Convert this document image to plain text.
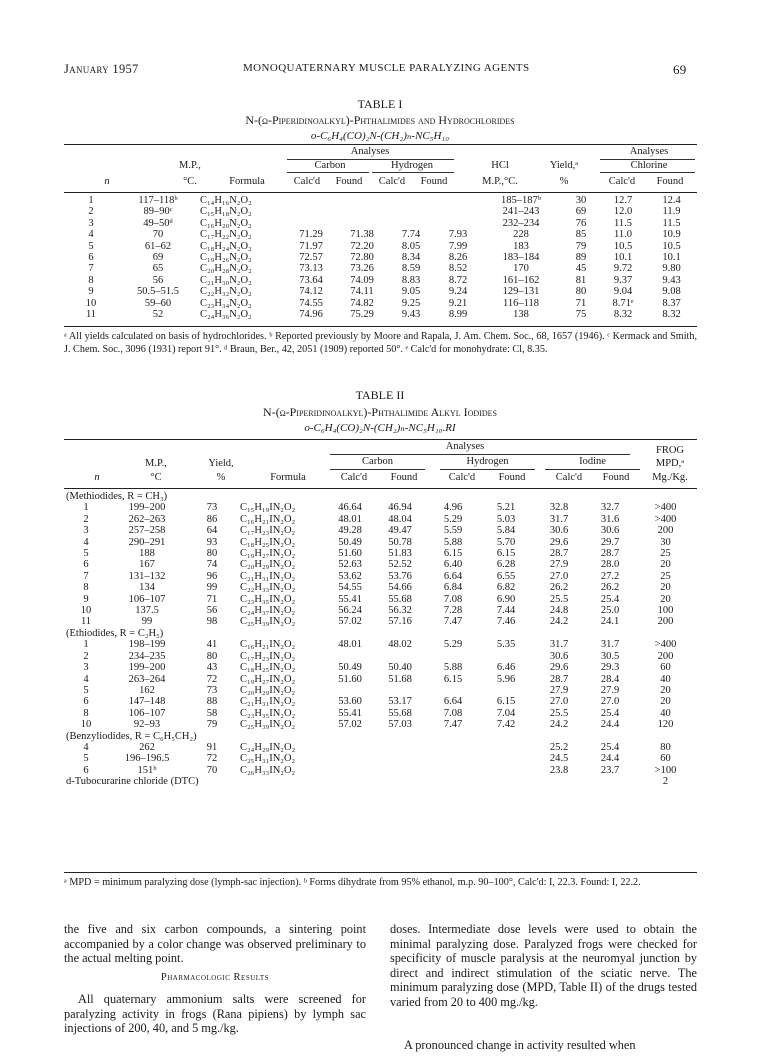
January 1957	MONOQUATERNARY MUSCLE PARALYZING AGENTS	69
TABLE I
N-(ω-Piperidinoalkyl)-Phthalimides and Hydrochlorides
o-C₆H₄(CO)₂N-(CH₂)ₙ-NC₅H₁₀
Analyses	Analyses
M.P.,	Carbon	Hydrogen	HCl	Yield,ᵃ	Chlorine
n	°C.	Formula	Calc'd	Found	Calc'd	Found	M.P.,°C.	%	Calc'd	Found
1	117–118ᵇ	C₁₄H₁₆N₂O₂					185–187ᵇ	30	12.7	12.4
2	89–90ᶜ	C₁₅H₁₈N₂O₂					241–243	69	12.0	11.9
3	49–50ᵈ	C₁₆H₂₀N₂O₂					232–234	76	11.5	11.5
4	70	C₁₇H₂₂N₂O₂	71.29	71.38	7.74	7.93	228	85	11.0	10.9
5	61–62	C₁₈H₂₄N₂O₂	71.97	72.20	8.05	7.99	183	79	10.5	10.5
6	69	C₁₉H₂₆N₂O₂	72.57	72.80	8.34	8.26	183–184	89	10.1	10.1
7	65	C₂₀H₂₈N₂O₂	73.13	73.26	8.59	8.52	170	45	9.72	9.80
8	56	C₂₁H₃₀N₂O₂	73.64	74.09	8.83	8.72	161–162	81	9.37	9.43
9	50.5–51.5	C₂₂H₃₂N₂O₂	74.12	74.11	9.05	9.24	129–131	80	9.04	9.08
10	59–60	C₂₃H₃₄N₂O₂	74.55	74.82	9.25	9.21	116–118	71	8.71ᵉ	8.37
11	52	C₂₄H₃₆N₂O₂	74.96	75.29	9.43	8.99	138	75	8.32	8.32
ᵃ All yields calculated on basis of hydrochlorides. ᵇ Reported previously by Moore and Rapala, J. Am. Chem. Soc., 68, 1657 (1946). ᶜ Kermack and Smith, J. Chem. Soc., 3096 (1931) report 91°. ᵈ Braun, Ber., 42, 2051 (1909) reported 50°. ᵉ Calc'd for monohydrate: Cl, 8.35.
TABLE II
N-(ω-Piperidinoalkyl)-Phthalimide Alkyl Iodides
o-C₆H₄(CO)₂N-(CH₂)ₙ-NC₅H₁₀.RI
Analyses	FROG
Carbon	Hydrogen	Iodine
M.P.,	Yield,	MPD,ᵃ
n	°C	%	Formula	Calc'd	Found	Calc'd	Found	Calc'd	Found	Mg./Kg.
(Methiodides, R = CH₃)										
1	199–200	73	C₁₅H₁₉IN₂O₂	46.64	46.94	4.96	5.21	32.8	32.7	>400
2	262–263	86	C₁₆H₂₁IN₂O₂	48.01	48.04	5.29	5.03	31.7	31.6	>400
3	257–258	64	C₁₇H₂₃IN₂O₂	49.28	49.47	5.59	5.84	30.6	30.6	200
4	290–291	93	C₁₈H₂₅IN₂O₂	50.49	50.78	5.88	5.70	29.6	29.7	30
5	188	80	C₁₉H₂₇IN₂O₂	51.60	51.83	6.15	6.15	28.7	28.7	25
6	167	74	C₂₀H₂₉IN₂O₂	52.63	52.52	6.40	6.28	27.9	28.0	20
7	131–132	96	C₂₁H₃₁IN₂O₂	53.62	53.76	6.64	6.55	27.0	27.2	25
8	134	99	C₂₂H₃₃IN₂O₂	54.55	54.66	6.84	6.82	26.2	26.2	20
9	106–107	71	C₂₃H₃₅IN₂O₂	55.41	55.68	7.08	6.90	25.5	25.4	20
10	137.5	56	C₂₄H₃₇IN₂O₂	56.24	56.32	7.28	7.44	24.8	25.0	100
11	99	98	C₂₅H₃₉IN₂O₂	57.02	57.16	7.47	7.46	24.2	24.1	200
(Ethiodides, R = C₂H₅)										
1	198–199	41	C₁₆H₂₁IN₂O₂	48.01	48.02	5.29	5.35	31.7	31.7	>400
2	234–235	80	C₁₇H₂₃IN₂O₂					30.6	30.5	200
3	199–200	43	C₁₈H₂₅IN₂O₂	50.49	50.40	5.88	6.46	29.6	29.3	60
4	263–264	72	C₁₉H₂₇IN₂O₂	51.60	51.68	6.15	5.96	28.7	28.4	40
5	162	73	C₂₀H₂₉IN₂O₂					27.9	27.9	20
6	147–148	88	C₂₁H₃₁IN₂O₂	53.60	53.17	6.64	6.15	27.0	27.0	20
8	106–107	58	C₂₃H₃₅IN₂O₂	55.41	55.68	7.08	7.04	25.5	25.4	40
10	92–93	79	C₂₅H₃₉IN₂O₂	57.02	57.03	7.47	7.42	24.2	24.4	120
(Benzyliodides, R = C₆H₅CH₂)										
4	262	91	C₂₄H₂₉IN₂O₂					25.2	25.4	80
5	196–196.5	72	C₂₅H₃₁IN₂O₂					24.5	24.4	60
6	151ᵇ	70	C₂₆H₃₃IN₂O₂					23.8	23.7	>100
d-Tubocurarine chloride (DTC)										2
ᵃ MPD = minimum paralyzing dose (lymph-sac injection). ᵇ Forms dihydrate from 95% ethanol, m.p. 90–100°, Calc'd: I, 22.3. Found: I, 22.2.
the five and six carbon compounds, a sintering point accompanied by a color change was observed preliminary to the actual melting point.
Pharmacologic Results
All quaternary ammonium salts were screened for paralyzing activity in frogs (Rana pipiens) by lymph sac injections of 200, 40, and 5 mg./kg.
doses. Intermediate dose levels were used to obtain the minimal paralyzing dose. Paralyzed frogs were checked for specificity of muscle paralysis at the neuromyal junction by direct and indirect stimulation of the sciatic nerve. The minimum paralyzing dose (MPD, Table II) of the drugs tested varied from 20 to 400 mg./kg.
A pronounced change in activity resulted when
